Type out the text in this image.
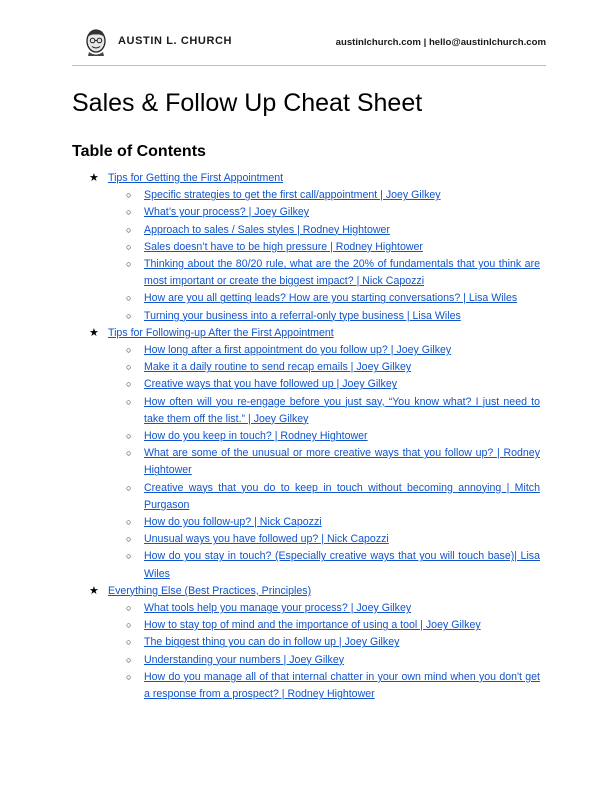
AUSTIN L. CHURCH	austinlchurch.com | hello@austinlchurch.com
Sales & Follow Up Cheat Sheet
Table of Contents
★ Tips for Getting the First Appointment
○ Specific strategies to get the first call/appointment | Joey Gilkey
○ What’s your process? | Joey Gilkey
○ Approach to sales / Sales styles | Rodney Hightower
○ Sales doesn’t have to be high pressure | Rodney Hightower
○ Thinking about the 80/20 rule, what are the 20% of fundamentals that you think are most important or create the biggest impact? | Nick Capozzi
○ How are you all getting leads? How are you starting conversations? | Lisa Wiles
○ Turning your business into a referral-only type business | Lisa Wiles
★ Tips for Following-up After the First Appointment
○ How long after a first appointment do you follow up? | Joey Gilkey
○ Make it a daily routine to send recap emails | Joey Gilkey
○ Creative ways that you have followed up | Joey Gilkey
○ How often will you re-engage before you just say, “You know what? I just need to take them off the list.” | Joey Gilkey
○ How do you keep in touch? | Rodney Hightower
○ What are some of the unusual or more creative ways that you follow up? | Rodney Hightower
○ Creative ways that you do to keep in touch without becoming annoying | Mitch Purgason
○ How do you follow-up? | Nick Capozzi
○ Unusual ways you have followed up? | Nick Capozzi
○ How do you stay in touch? (Especially creative ways that you will touch base)| Lisa Wiles
★ Everything Else (Best Practices, Principles)
○ What tools help you manage your process? | Joey Gilkey
○ How to stay top of mind and the importance of using a tool | Joey Gilkey
○ The biggest thing you can do in follow up | Joey Gilkey
○ Understanding your numbers | Joey Gilkey
○ How do you manage all of that internal chatter in your own mind when you don't get a response from a prospect? | Rodney Hightower
